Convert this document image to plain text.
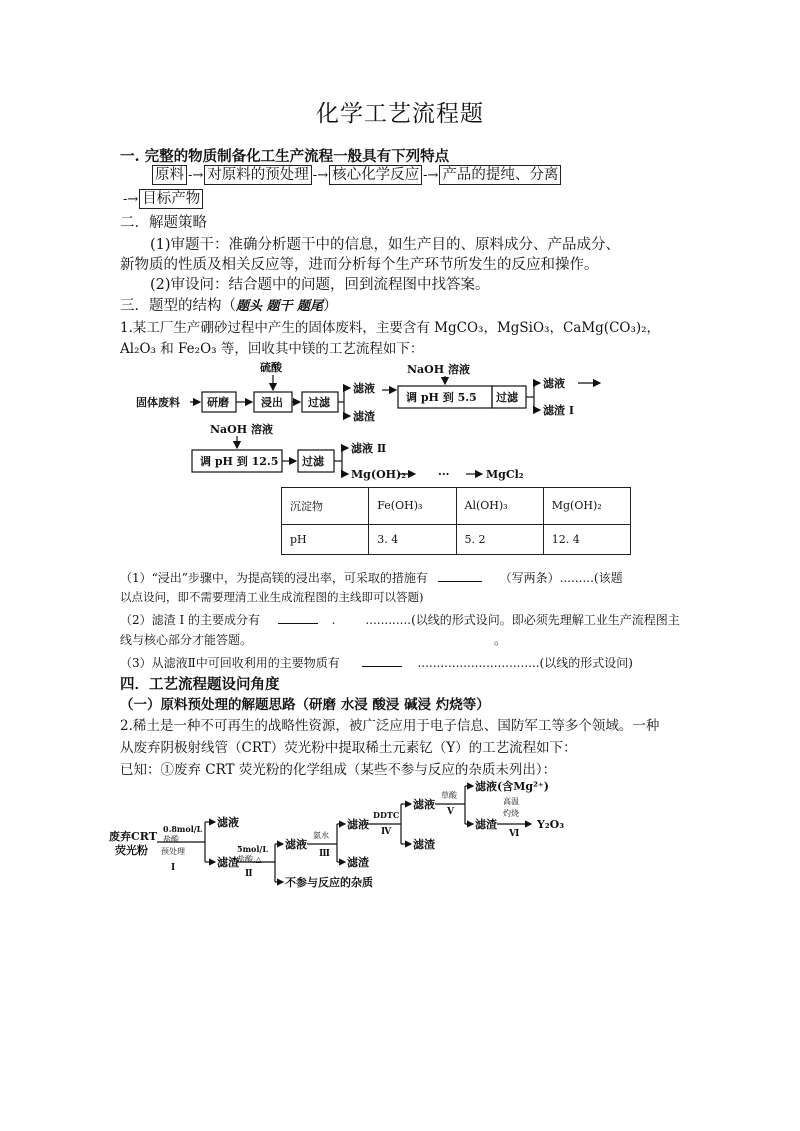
化学工艺流程题
一. 完整的物质制备化工生产流程一般具有下列特点
原料 -→ 对原料的预处理 -→ 核心化学反应 -→ 产品的提纯、分离
-→ 目标产物
二．解题策略
(1)审题干：准确分析题干中的信息，如生产目的、原料成分、产品成分、
新物质的性质及相关反应等，进而分析每个生产环节所发生的反应和操作。
(2)审设问：结合题中的问题，回到流程图中找答案。
三．题型的结构（题头 题干 题尾）
1.某工厂生产硼砂过程中产生的固体废料，主要含有 MgCO₃，MgSiO₃，CaMg(CO₃)₂，
Al₂O₃ 和 Fe₂O₃ 等，回收其中镁的工艺流程如下：
固体废料
硫酸	NaOH 溶液
NaOH 溶液
研磨	浸出 过滤
滤液
滤渣
调 pH 到 5.5 过滤
滤液
滤渣 Ⅰ
调 pH 到 12.5 过滤
滤液 Ⅱ
Mg(OH)₂	···	MgCl₂
沉淀物	Fe(OH)₃	Al(OH)₃	Mg(OH)₂
pH	3. 4	5. 2	12. 4
（1）“浸出”步骤中，为提高镁的浸出率，可采取的措施有	（写两条）.........(该题
以点设问，即不需要理清工业生成流程图的主线即可以答题)
（2）滤渣 I 的主要成分有	. ............(以线的形式设问。即必须先理解工业生产流程图主
线与核心部分才能答题。	。
（3）从滤液Ⅱ中可回收利用的主要物质有	................................(以线的形式设问)
四．工艺流程题设问角度
（一）原料预处理的解题思路（研磨 水浸 酸浸 碱浸 灼烧等）
2.稀土是一种不可再生的战略性资源，被广泛应用于电子信息、国防军工等多个领域。一种
从废弃阴极射线管（CRT）荧光粉中提取稀土元素钇（Y）的工艺流程如下：
已知：①废弃 CRT 荧光粉的化学组成（某些不参与反应的杂质未列出）：
废弃CRT
荧光粉
0.8mol/L
盐酸
预处理
Ⅰ
滤液
滤渣
5mol/L
盐酸,△
Ⅱ
滤液
不参与反应的杂质
氨水
Ⅲ
滤液
滤渣
DDTC
Ⅳ
滤液
滤渣
草酸
Ⅴ
滤液(含Mg²⁺)
滤渣
高温
灼烧
Ⅵ
Y₂O₃
